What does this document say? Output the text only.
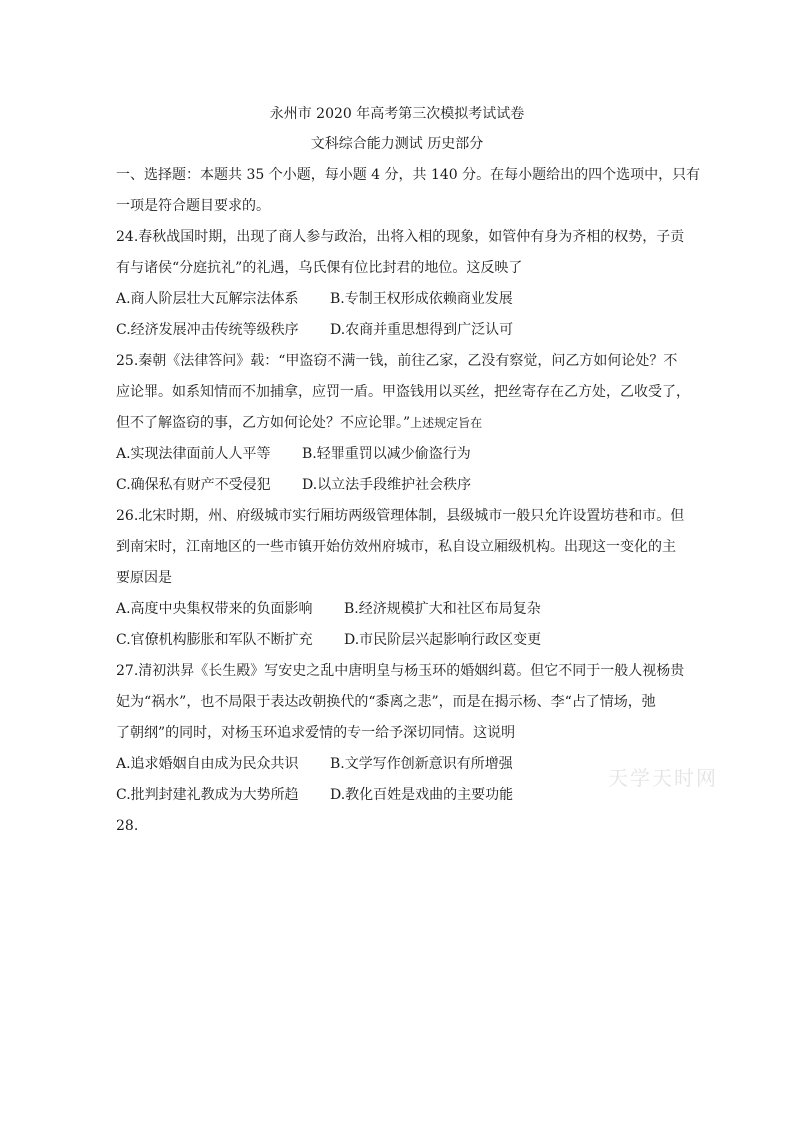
永州市 2020 年高考第三次模拟考试试卷
文科综合能力测试 历史部分

一、选择题：本题共 35 个小题，每小题 4 分，共 140 分。在每小题给出的四个选项中，只有

一项是符合题目要求的。

24.春秋战国时期，出现了商人参与政治，出将入相的现象，如管仲有身为齐相的权势，子贡

有与诸侯“分庭抗礼”的礼遇，乌氏倮有位比封君的地位。这反映了

A.商人阶层壮大瓦解宗法体系 B.专制王权形成依赖商业发展

C.经济发展冲击传统等级秩序 D.农商并重思想得到广泛认可

25.秦朝《法律答问》载：“甲盗窃不满一钱，前往乙家，乙没有察觉，问乙方如何论处？不

应论罪。如系知情而不加捕拿，应罚一盾。甲盗钱用以买丝，把丝寄存在乙方处，乙收受了，

但不了解盗窃的事，乙方如何论处？不应论罪。”上述规定旨在

A.实现法律面前人人平等 B.轻罪重罚以减少偷盗行为

C.确保私有财产不受侵犯 D.以立法手段维护社会秩序

26.北宋时期，州、府级城市实行厢坊两级管理体制，县级城市一般只允许设置坊巷和市。但

到南宋时，江南地区的一些市镇开始仿效州府城市，私自设立厢级机构。出现这一变化的主

要原因是

A.高度中央集权带来的负面影响 B.经济规模扩大和社区布局复杂

C.官僚机构膨胀和军队不断扩充 D.市民阶层兴起影响行政区变更

27.清初洪昇《长生殿》写安史之乱中唐明皇与杨玉环的婚姻纠葛。但它不同于一般人视杨贵

妃为“祸水”，也不局限于表达改朝换代的“黍离之悲”，而是在揭示杨、李“占了情场，弛

了朝纲”的同时，对杨玉环追求爱情的专一给予深切同情。这说明

A.追求婚姻自由成为民众共识 B.文学写作创新意识有所增强

C.批判封建礼教成为大势所趋 D.教化百姓是戏曲的主要功能

28.

天学天时网
